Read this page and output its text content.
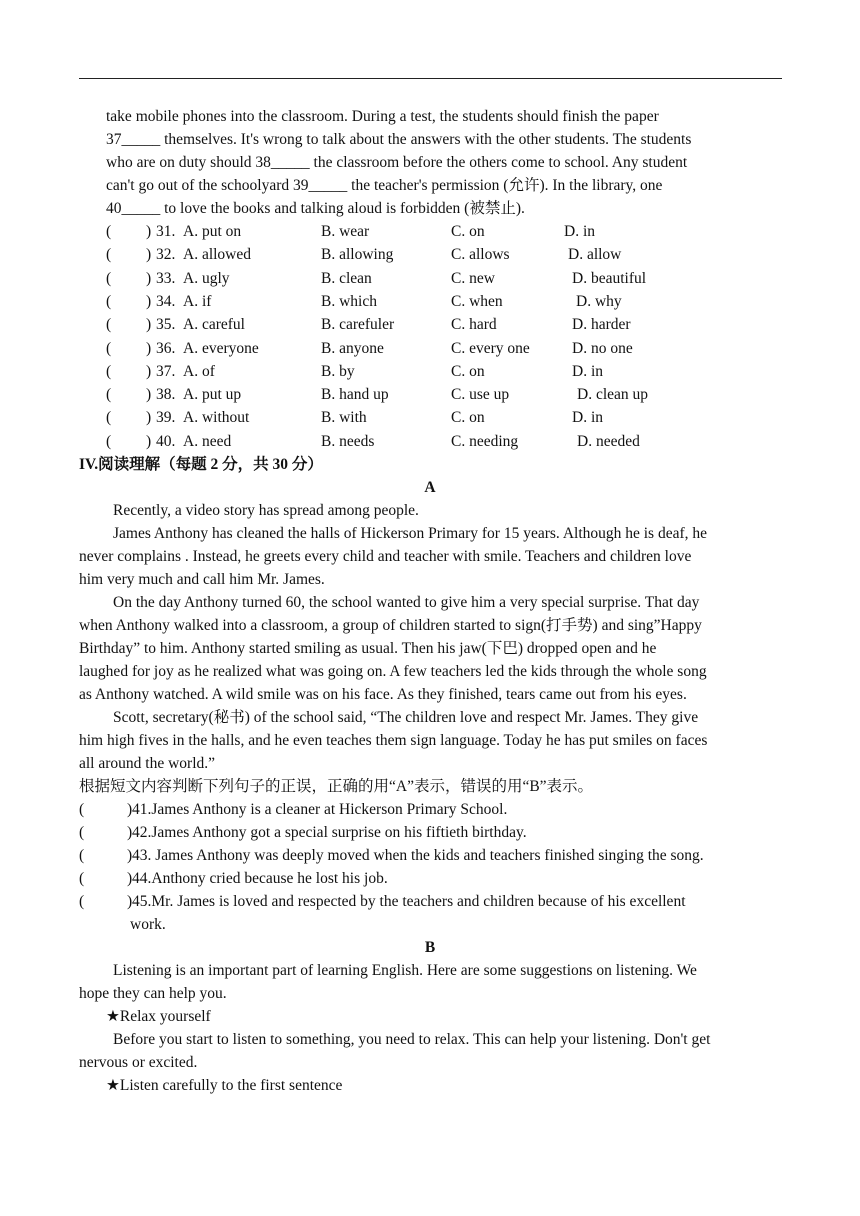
take mobile phones into the classroom. During a test, the students should finish the paper
37_____ themselves. It's wrong to talk about the answers with the other students. The students
who are on duty should 38_____ the classroom before the others come to school. Any student
can't go out of the schoolyard 39_____ the teacher's permission (允许). In the library, one
40_____ to love the books and talking aloud is forbidden (被禁止).
( ) 31. A. put on	B. wear	C. on	D. in
( ) 32. A. allowed	B. allowing	C. allows	D. allow
( ) 33. A. ugly	B. clean	C. new	D. beautiful
( ) 34. A. if	B. which	C. when	D. why
( ) 35. A. careful	B. carefuler	C. hard	D. harder
( ) 36. A. everyone	B. anyone	C. every one	D. no one
( ) 37. A. of	B. by	C. on	D. in
( ) 38. A. put up	B. hand up	C. use up	D. clean up
( ) 39. A. without	B. with	C. on	D. in
( ) 40. A. need	B. needs	C. needing	D. needed
IV.阅读理解（每题 2 分，共 30 分）
A
Recently, a video story has spread among people.
James Anthony has cleaned the halls of Hickerson Primary for 15 years. Although he is deaf, he
never complains . Instead, he greets every child and teacher with smile. Teachers and children love
him very much and call him Mr. James.
On the day Anthony turned 60, the school wanted to give him a very special surprise. That day
when Anthony walked into a classroom, a group of children started to sign(打手势) and sing”Happy
Birthday” to him. Anthony started smiling as usual. Then his jaw(下巴) dropped open and he
laughed for joy as he realized what was going on. A few teachers led the kids through the whole song
as Anthony watched. A wild smile was on his face. As they finished, tears came out from his eyes.
Scott, secretary(秘书) of the school said, “The children love and respect Mr. James. They give
him high fives in the halls, and he even teaches them sign language. Today he has put smiles on faces
all around the world.”
根据短文内容判断下列句子的正误，正确的用“A”表示，错误的用“B”表示。
(	) 41.James Anthony is a cleaner at Hickerson Primary School.
(	) 42.James Anthony got a special surprise on his fiftieth birthday.
(	) 43. James Anthony was deeply moved when the kids and teachers finished singing the song.
(	) 44.Anthony cried because he lost his job.
(	) 45.Mr. James is loved and respected by the teachers and children because of his excellent
work.
B
Listening is an important part of learning English. Here are some suggestions on listening. We
hope they can help you.
★Relax yourself
Before you start to listen to something, you need to relax. This can help your listening. Don't get
nervous or excited.
★Listen carefully to the first sentence
